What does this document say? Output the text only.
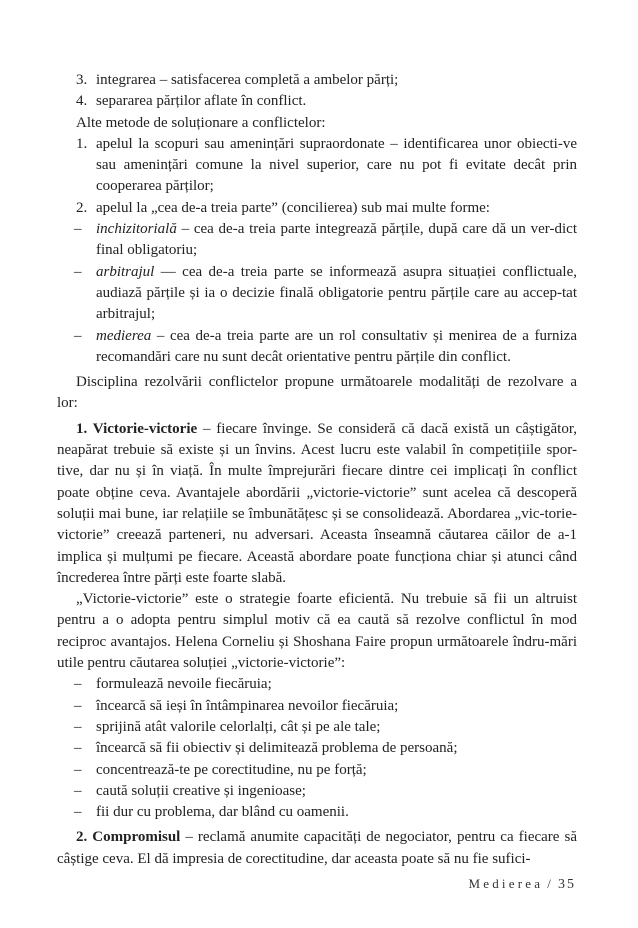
3. integrarea – satisfacerea completă a ambelor părți;
4. separarea părților aflate în conflict.

Alte metode de soluționare a conflictelor:

1. apelul la scopuri sau amenințări supraordonate – identificarea unor obiecti-ve sau amenințări comune la nivel superior, care nu pot fi evitate decât prin cooperarea părților;
2. apelul la „cea de-a treia parte” (concilierea) sub mai multe forme:
– inchizitorială – cea de-a treia parte integrează părțile, după care dă un ver-dict final obligatoriu;
– arbitrajul — cea de-a treia parte se informează asupra situației conflictuale, audiază părțile și ia o decizie finală obligatorie pentru părțile care au accep-tat arbitrajul;
– medierea – cea de-a treia parte are un rol consultativ și menirea de a furniza recomandări care nu sunt decât orientative pentru părțile din conflict.

Disciplina rezolvării conflictelor propune următoarele modalități de rezolvare a lor:

1. Victorie-victorie – fiecare învinge. Se consideră că dacă există un câștigător, neapărat trebuie să existe și un învins. Acest lucru este valabil în competițiile spor-tive, dar nu și în viață. În multe împrejurări fiecare dintre cei implicați în conflict poate obține ceva. Avantajele abordării „victorie-victorie” sunt acelea că descoperă soluții mai bune, iar relațiile se îmbunătățesc și se consolidează. Abordarea „vic-torie-victorie” creează parteneri, nu adversari. Aceasta înseamnă căutarea căilor de a-1 implica și mulțumi pe fiecare. Această abordare poate funcționa chiar și atunci când încrederea între părți este foarte slabă.

„Victorie-victorie” este o strategie foarte eficientă. Nu trebuie să fii un altruist pentru a o adopta pentru simplul motiv că ea caută să rezolve conflictul în mod reciproc avantajos. Helena Corneliu și Shoshana Faire propun următoarele îndru-mări utile pentru căutarea soluției „victorie-victorie”:

– formulează nevoile fiecăruia;
– încearcă să ieși în întâmpinarea nevoilor fiecăruia;
– sprijină atât valorile celorlalți, cât și pe ale tale;
– încearcă să fii obiectiv și delimitează problema de persoană;
– concentrează-te pe corectitudine, nu pe forță;
– caută soluții creative și ingenioase;
– fii dur cu problema, dar blând cu oamenii.

2. Compromisul – reclamă anumite capacități de negociator, pentru ca fiecare să câștige ceva. El dă impresia de corectitudine, dar aceasta poate să nu fie sufici-

Medierea / 35
